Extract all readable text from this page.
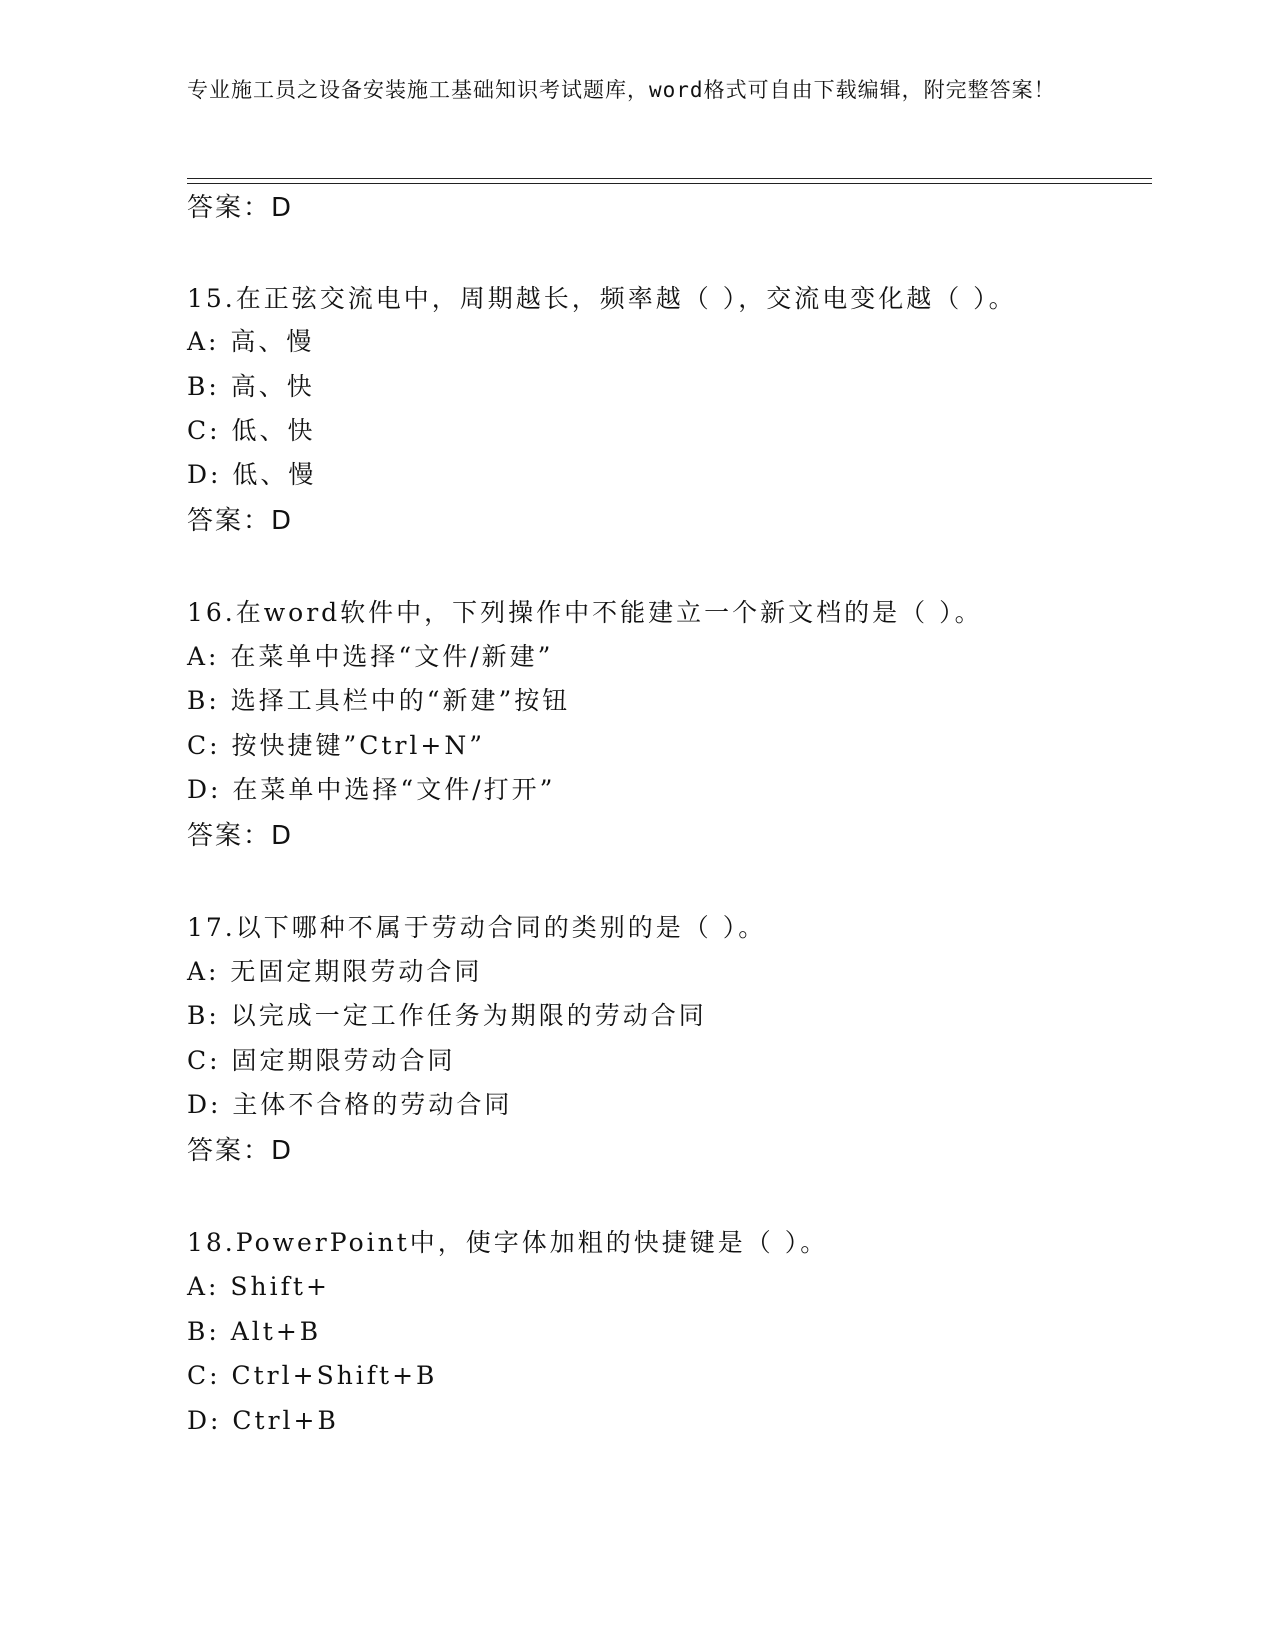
专业施工员之设备安装施工基础知识考试题库，word格式可自由下载编辑，附完整答案！
答案：D
15.在正弦交流电中，周期越长，频率越（ ），交流电变化越（ ）。
A: 高、慢
B: 高、快
C: 低、快
D: 低、慢
答案：D
16.在word软件中，下列操作中不能建立一个新文档的是（ ）。
A: 在菜单中选择“文件/新建”
B: 选择工具栏中的“新建”按钮
C: 按快捷键”Ctrl+N”
D: 在菜单中选择“文件/打开”
答案：D
17.以下哪种不属于劳动合同的类别的是（ ）。
A: 无固定期限劳动合同
B: 以完成一定工作任务为期限的劳动合同
C: 固定期限劳动合同
D: 主体不合格的劳动合同
答案：D
18.PowerPoint中，使字体加粗的快捷键是（ ）。
A: Shift+
B: Alt+B
C: Ctrl+Shift+B
D: Ctrl+B
